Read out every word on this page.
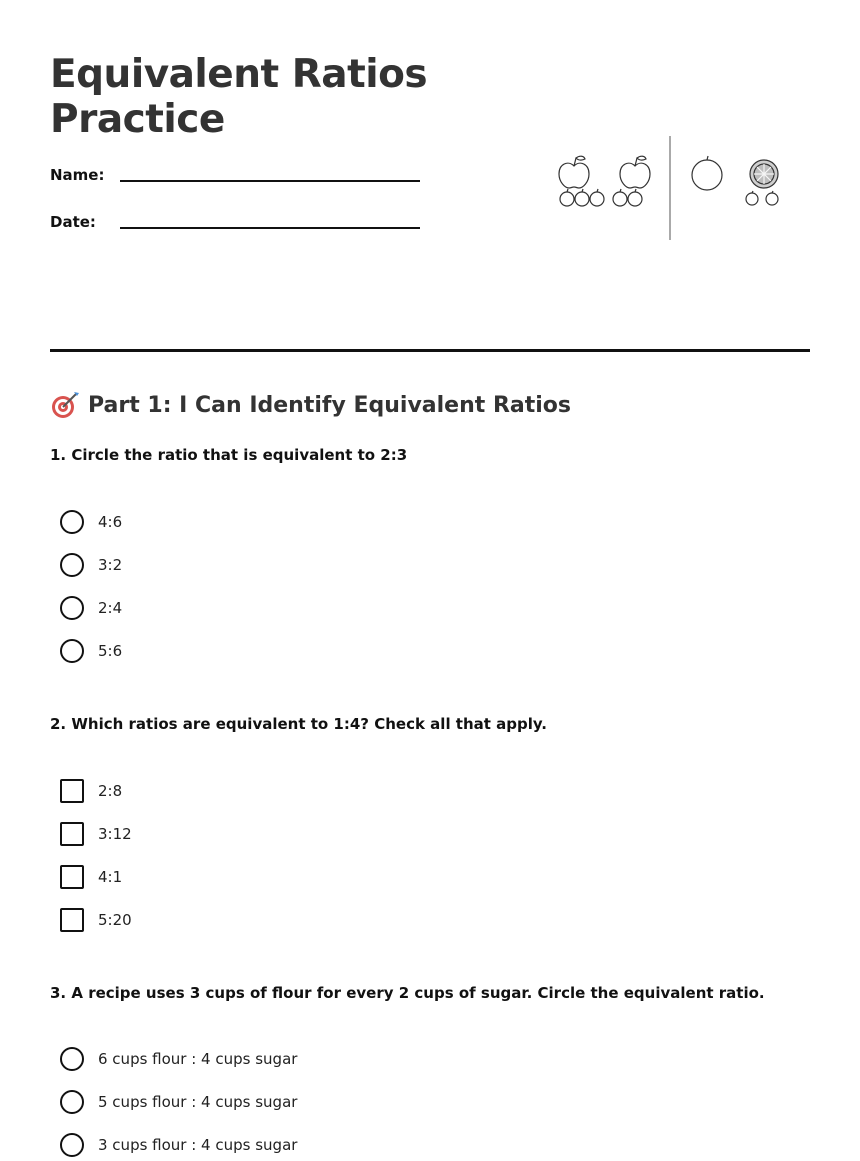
Equivalent Ratios Practice
Name:
Date:
Part 1: I Can Identify Equivalent Ratios
1. Circle the ratio that is equivalent to 2:3
4:6
3:2
2:4
5:6
2. Which ratios are equivalent to 1:4? Check all that apply.
2:8
3:12
4:1
5:20
3. A recipe uses 3 cups of flour for every 2 cups of sugar. Circle the equivalent ratio.
6 cups flour : 4 cups sugar
5 cups flour : 4 cups sugar
3 cups flour : 4 cups sugar
